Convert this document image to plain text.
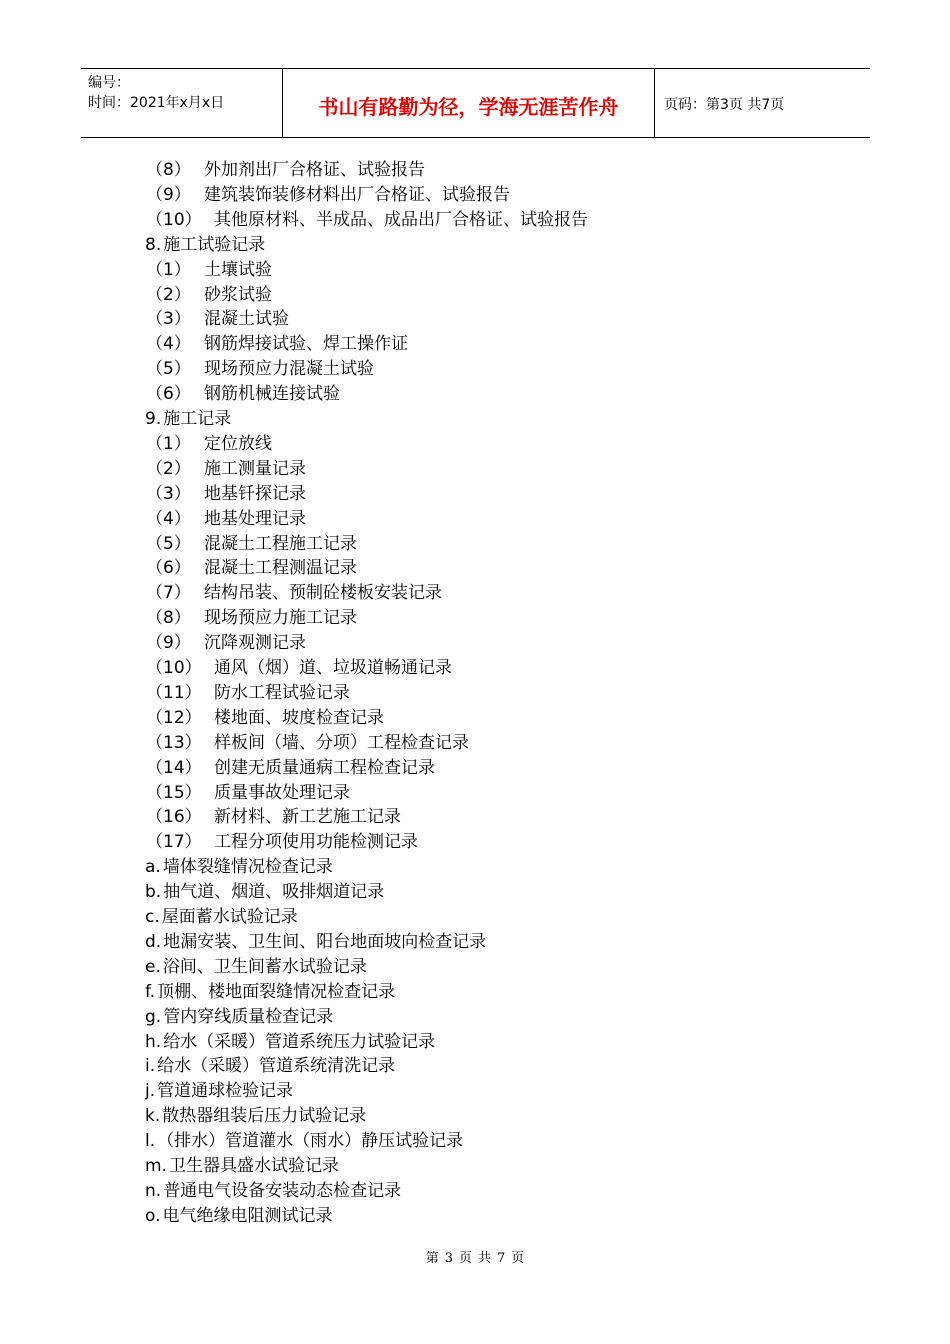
编号：
时间：2021年x月x日	书山有路勤为径，学海无涯苦作舟	页码：第3页 共7页
（8） 外加剂出厂合格证、试验报告
（9） 建筑装饰装修材料出厂合格证、试验报告
（10） 其他原材料、半成品、成品出厂合格证、试验报告
8. 施工试验记录
（1） 土壤试验
（2） 砂浆试验
（3） 混凝土试验
（4） 钢筋焊接试验、焊工操作证
（5） 现场预应力混凝土试验
（6） 钢筋机械连接试验
9. 施工记录
（1） 定位放线
（2） 施工测量记录
（3） 地基钎探记录
（4） 地基处理记录
（5） 混凝土工程施工记录
（6） 混凝土工程测温记录
（7） 结构吊装、预制砼楼板安装记录
（8） 现场预应力施工记录
（9） 沉降观测记录
（10） 通风（烟）道、垃圾道畅通记录
（11） 防水工程试验记录
（12） 楼地面、坡度检查记录
（13） 样板间（墙、分项）工程检查记录
（14） 创建无质量通病工程检查记录
（15） 质量事故处理记录
（16） 新材料、新工艺施工记录
（17） 工程分项使用功能检测记录
a. 墙体裂缝情况检查记录
b. 抽气道、烟道、吸排烟道记录
c. 屋面蓄水试验记录
d. 地漏安装、卫生间、阳台地面坡向检查记录
e. 浴间、卫生间蓄水试验记录
f. 顶棚、楼地面裂缝情况检查记录
g. 管内穿线质量检查记录
h. 给水（采暖）管道系统压力试验记录
i. 给水（采暖）管道系统清洗记录
j. 管道通球检验记录
k. 散热器组装后压力试验记录
l. （排水）管道灌水（雨水）静压试验记录
m. 卫生器具盛水试验记录
n. 普通电气设备安装动态检查记录
o. 电气绝缘电阻测试记录
第 3 页 共 7 页
